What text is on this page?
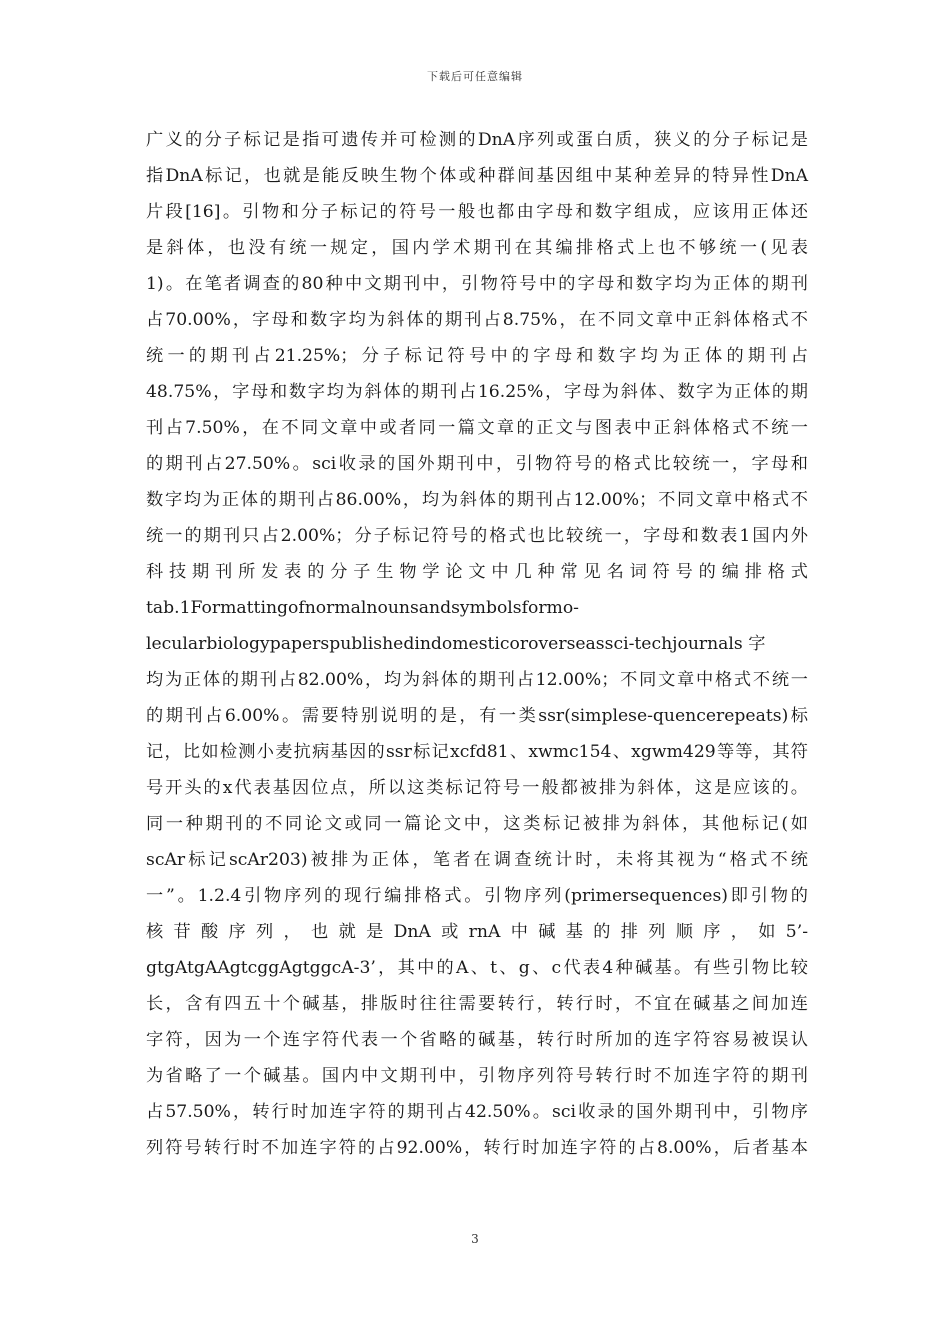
下载后可任意编辑
广义的分子标记是指可遗传并可检测的DnA序列或蛋白质，狭义的分子标记是
指DnA标记，也就是能反映生物个体或种群间基因组中某种差异的特异性DnA
片段[16]。引物和分子标记的符号一般也都由字母和数字组成，应该用正体还
是斜体，也没有统一规定，国内学术期刊在其编排格式上也不够统一(见表
1)。在笔者调查的80种中文期刊中，引物符号中的字母和数字均为正体的期刊
占70.00%，字母和数字均为斜体的期刊占8.75%，在不同文章中正斜体格式不
统一的期刊占21.25%；分子标记符号中的字母和数字均为正体的期刊占
48.75%，字母和数字均为斜体的期刊占16.25%，字母为斜体、数字为正体的期
刊占7.50%，在不同文章中或者同一篇文章的正文与图表中正斜体格式不统一
的期刊占27.50%。sci收录的国外期刊中，引物符号的格式比较统一，字母和
数字均为正体的期刊占86.00%，均为斜体的期刊占12.00%；不同文章中格式不
统一的期刊只占2.00%；分子标记符号的格式也比较统一，字母和数表1国内外
科技期刊所发表的分子生物学论文中几种常见名词符号的编排格式
tab.1Formattingofnormalnounsandsymbolsformo-
lecularbiologypaperspublishedindomesticoroverseassci-techjournals 字
均为正体的期刊占82.00%，均为斜体的期刊占12.00%；不同文章中格式不统一
的期刊占6.00%。需要特别说明的是，有一类ssr(simplese-quencerepeats)标
记，比如检测小麦抗病基因的ssr标记xcfd81、xwmc154、xgwm429等等，其符
号开头的x代表基因位点，所以这类标记符号一般都被排为斜体，这是应该的。
同一种期刊的不同论文或同一篇论文中，这类标记被排为斜体，其他标记(如
scAr标记scAr203)被排为正体，笔者在调查统计时，未将其视为“格式不统
一”。1.2.4引物序列的现行编排格式。引物序列(primersequences)即引物的
核苷酸序列，也就是DnA或rnA中碱基的排列顺序，如5’-
gtgAtgAAgtcggAgtggcA-3’，其中的A、t、g、c代表4种碱基。有些引物比较
长，含有四五十个碱基，排版时往往需要转行，转行时，不宜在碱基之间加连
字符，因为一个连字符代表一个省略的碱基，转行时所加的连字符容易被误认
为省略了一个碱基。国内中文期刊中，引物序列符号转行时不加连字符的期刊
占57.50%，转行时加连字符的期刊占42.50%。sci收录的国外期刊中，引物序
列符号转行时不加连字符的占92.00%，转行时加连字符的占8.00%，后者基本
3
